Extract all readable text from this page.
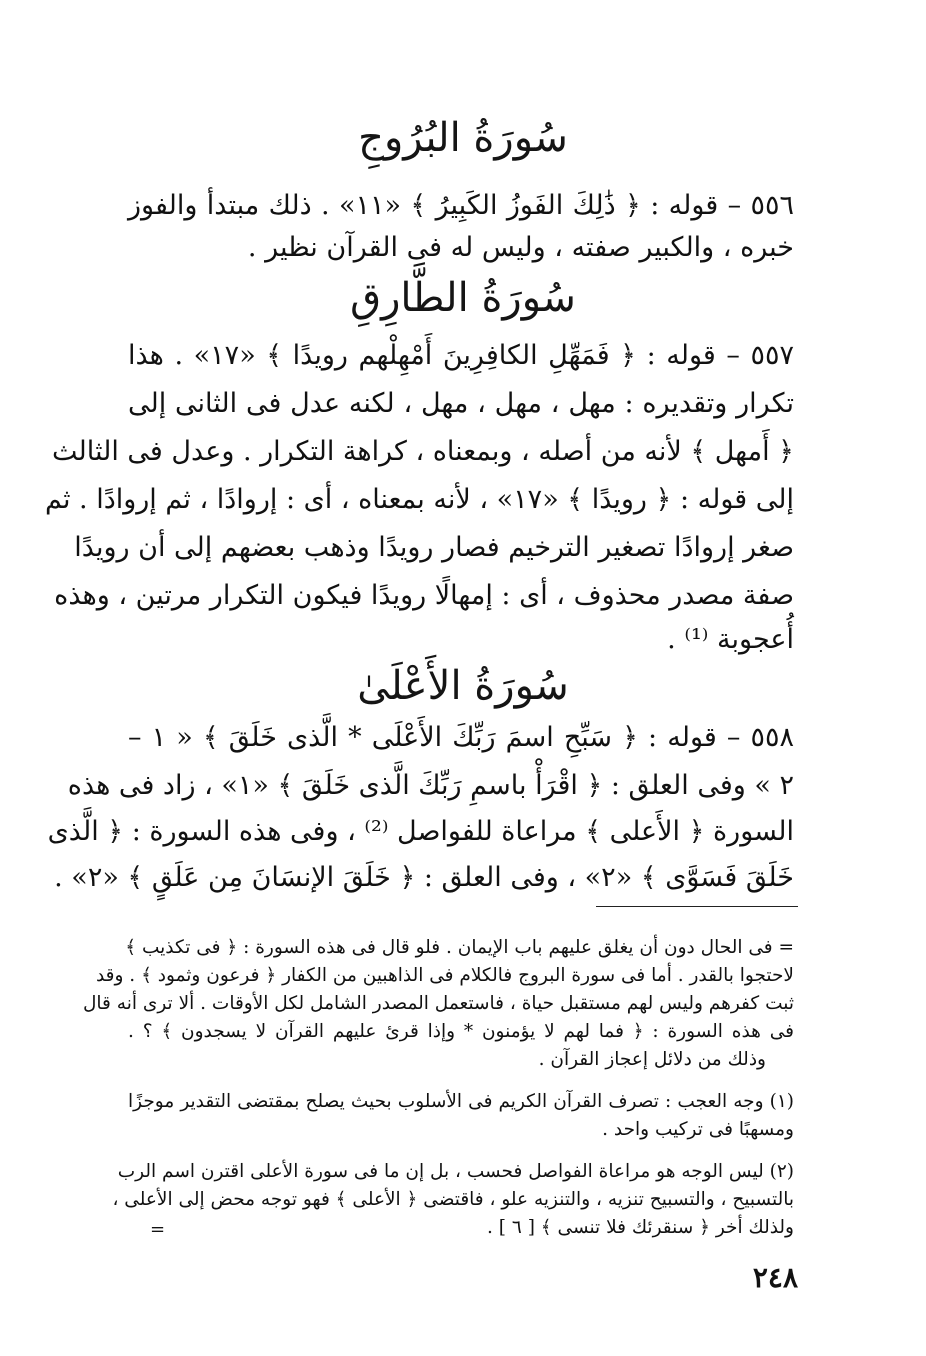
سُورَةُ البُرُوجِ
٥٥٦ – قوله : ﴿ ذَٰلِكَ الفَوزُ الكَبِيرُ ﴾ «١١» . ذلك مبتدأ والفوز
خبره ، والكبير صفته ، وليس له فى القرآن نظير .
سُورَةُ الطَّارِقِ
٥٥٧ – قوله : ﴿ فَمَهِّلِ الكافِرِينَ أَمْهِلْهم رويدًا ﴾ «١٧» . هذا
تكرار وتقديره : مهل ، مهل ، مهل ، لكنه عدل فى الثانى إلى
﴿ أَمهل ﴾ لأنه من أصله ، وبمعناه ، كراهة التكرار . وعدل فى الثالث
إلى قوله : ﴿ رويدًا ﴾ «١٧» ، لأنه بمعناه ، أى : إروادًا ، ثم إروادًا . ثم
صغر إروادًا تصغير الترخيم فصار رويدًا وذهب بعضهم إلى أن رويدًا
صفة مصدر محذوف ، أى : إمهالًا رويدًا فيكون التكرار مرتين ، وهذه
أُعجوبة ⁽¹⁾ .
سُورَةُ الأَعْلَىٰ
٥٥٨ – قوله : ﴿ سَبِّحِ اسمَ رَبِّكَ الأَعْلَى * الَّذى خَلَقَ ﴾ « ١ –
٢ » وفى العلق : ﴿ اقْرَأْ باسمِ رَبِّكَ الَّذى خَلَقَ ﴾ «١» ، زاد فى هذه
السورة ﴿ الأَعلى ﴾ مراعاة للفواصل ⁽²⁾ ، وفى هذه السورة : ﴿ الَّذى
خَلَقَ فَسَوَّى ﴾ «٢» ، وفى العلق : ﴿ خَلَقَ الإنسَانَ مِن عَلَقٍ ﴾ «٢» .
= فى الحال دون أن يغلق عليهم باب الإيمان . فلو قال فى هذه السورة : ﴿ فى تكذيب ﴾
لاحتجوا بالقدر . أما فى سورة البروج فالكلام فى الذاهبين من الكفار ﴿ فرعون وثمود ﴾ . وقد
ثبت كفرهم وليس لهم مستقبل حياة ، فاستعمل المصدر الشامل لكل الأوقات . ألا ترى أنه قال
فى هذه السورة : ﴿ فما لهم لا يؤمنون * وإذا قرئ عليهم القرآن لا يسجدون ﴾ ؟ .
وذلك من دلائل إعجاز القرآن .
(١) وجه العجب : تصرف القرآن الكريم فى الأسلوب بحيث يصلح بمقتضى التقدير موجزًا
ومسهبًا فى تركيب واحد .
(٢) ليس الوجه هو مراعاة الفواصل فحسب ، بل إن ما فى سورة الأعلى اقترن اسم الرب
بالتسبيح ، والتسبيح تنزيه ، والتنزيه علو ، فاقتضى ﴿ الأعلى ﴾ فهو توجه محض إلى الأعلى ،
ولذلك أخر ﴿ سنقرئك فلا تنسى ﴾ [ ٦ ] .
=
٢٤٨
